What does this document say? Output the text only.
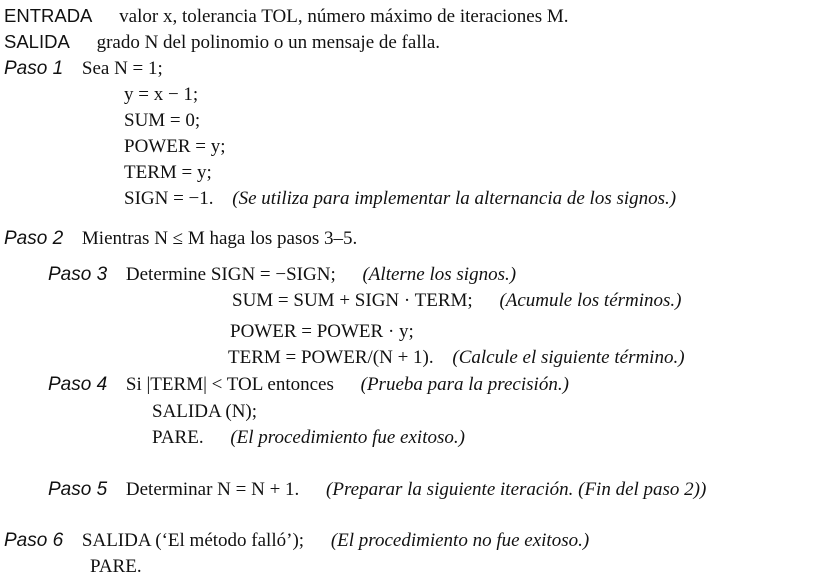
ENTRADA valor x, tolerancia TOL, número máximo de iteraciones M.
SALIDA grado N del polinomio o un mensaje de falla.
Paso 1 Sea N = 1;
y = x − 1;
SUM = 0;
POWER = y;
TERM = y;
SIGN = −1. (Se utiliza para implementar la alternancia de los signos.)
Paso 2 Mientras N ≤ M haga los pasos 3–5.
Paso 3 Determine SIGN = −SIGN; (Alterne los signos.)
SUM = SUM + SIGN · TERM; (Acumule los términos.)
POWER = POWER · y;
TERM = POWER/(N + 1). (Calcule el siguiente término.)
Paso 4 Si |TERM| < TOL entonces (Prueba para la precisión.)
SALIDA (N);
PARE. (El procedimiento fue exitoso.)
Paso 5 Determinar N = N + 1. (Preparar la siguiente iteración. (Fin del paso 2))
Paso 6 SALIDA (‘El método falló’); (El procedimiento no fue exitoso.)
PARE.
